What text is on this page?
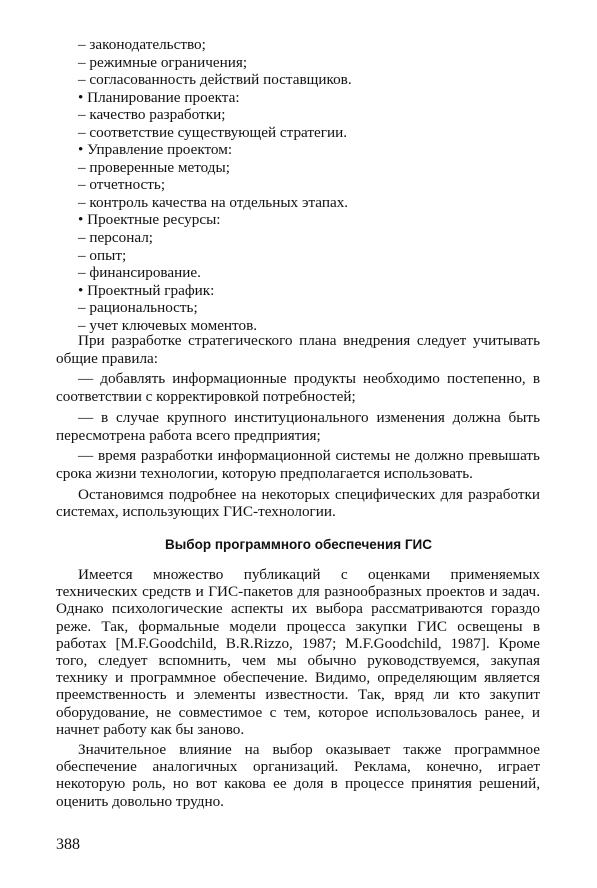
– законодательство;
– режимные ограничения;
– согласованность действий поставщиков.
• Планирование проекта:
– качество разработки;
– соответствие существующей стратегии.
• Управление проектом:
– проверенные методы;
– отчетность;
– контроль качества на отдельных этапах.
• Проектные ресурсы:
– персонал;
– опыт;
– финансирование.
• Проектный график:
– рациональность;
– учет ключевых моментов.

При разработке стратегического плана внедрения следует учитывать общие правила:

— добавлять информационные продукты необходимо постепенно, в соответствии с корректировкой потребностей;

— в случае крупного институционального изменения должна быть пересмотрена работа всего предприятия;

— время разработки информационной системы не должно превышать срока жизни технологии, которую предполагается использовать.

Остановимся подробнее на некоторых специфических для разработки системах, использующих ГИС-технологии.

Выбор программного обеспечения ГИС

Имеется множество публикаций с оценками применяемых технических средств и ГИС-пакетов для разнообразных проектов и задач. Однако психологические аспекты их выбора рассматриваются гораздо реже. Так, формальные модели процесса закупки ГИС освещены в работах [M.F.Goodchild, B.R.Rizzo, 1987; M.F.Goodchild, 1987]. Кроме того, следует вспомнить, чем мы обычно руководствуемся, закупая технику и программное обеспечение. Видимо, определяющим является преемственность и элементы известности. Так, вряд ли кто закупит оборудование, не совместимое с тем, которое использовалось ранее, и начнет работу как бы заново.

Значительное влияние на выбор оказывает также программное обеспечение аналогичных организаций. Реклама, конечно, играет некоторую роль, но вот какова ее доля в процессе принятия решений, оценить довольно трудно.

388
